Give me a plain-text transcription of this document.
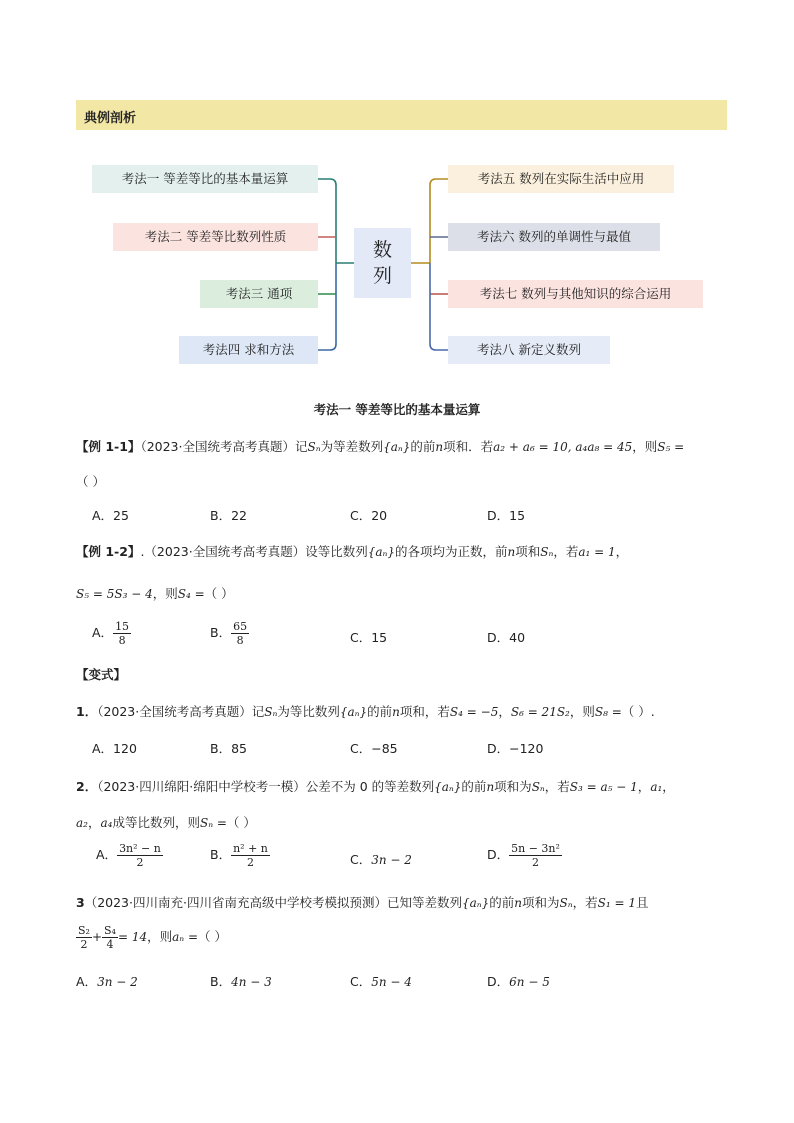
典例剖析
考法一 等差等比的基本量运算
考法二 等差等比数列性质
考法三 通项
考法四 求和方法
数
列
考法五 数列在实际生活中应用
考法六 数列的单调性与最值
考法七 数列与其他知识的综合运用
考法八 新定义数列
考法一 等差等比的基本量运算
【例 1-1】（2023·全国统考高考真题）记Sₙ为等差数列{aₙ}的前n项和．若a₂ + a₆ = 10, a₄a₈ = 45，则S₅ =
（ ）
A．25	B．22	C．20	D．15
【例 1-2】.（2023·全国统考高考真题）设等比数列{aₙ}的各项均为正数，前n项和Sₙ，若a₁ = 1，
S₅ = 5S₃ − 4，则S₄ =（ ）
A． $\frac{15}{8}$	B． $\frac{65}{8}$	C．15	D．40
【变式】
1．（2023·全国统考高考真题）记Sₙ为等比数列{aₙ}的前n项和，若S₄ = −5，S₆ = 21S₂，则S₈ =（ ）.
A．120	B．85	C．−85	D．−120
2．（2023·四川绵阳·绵阳中学校考一模）公差不为 0 的等差数列{aₙ}的前n项和为Sₙ，若S₃ = a₅ − 1，a₁，
a₂，a₄成等比数列，则Sₙ =（ ）
A． $\frac{\text{3n² − n}}{2}$	B． $\frac{\text{n² + n}}{2}$	C．3n − 2	D． $\frac{\text{5n − 3n²}}{2}$
3（2023·四川南充·四川省南充高级中学校考模拟预测）已知等差数列{aₙ}的前n项和为Sₙ，若S₁ = 1且
$\frac{\text{S₂}}{2} + \frac{\text{S₄}}{4} = 14$，则aₙ =（ ）
A．3n − 2	B．4n − 3	C．5n − 4	D．6n − 5
